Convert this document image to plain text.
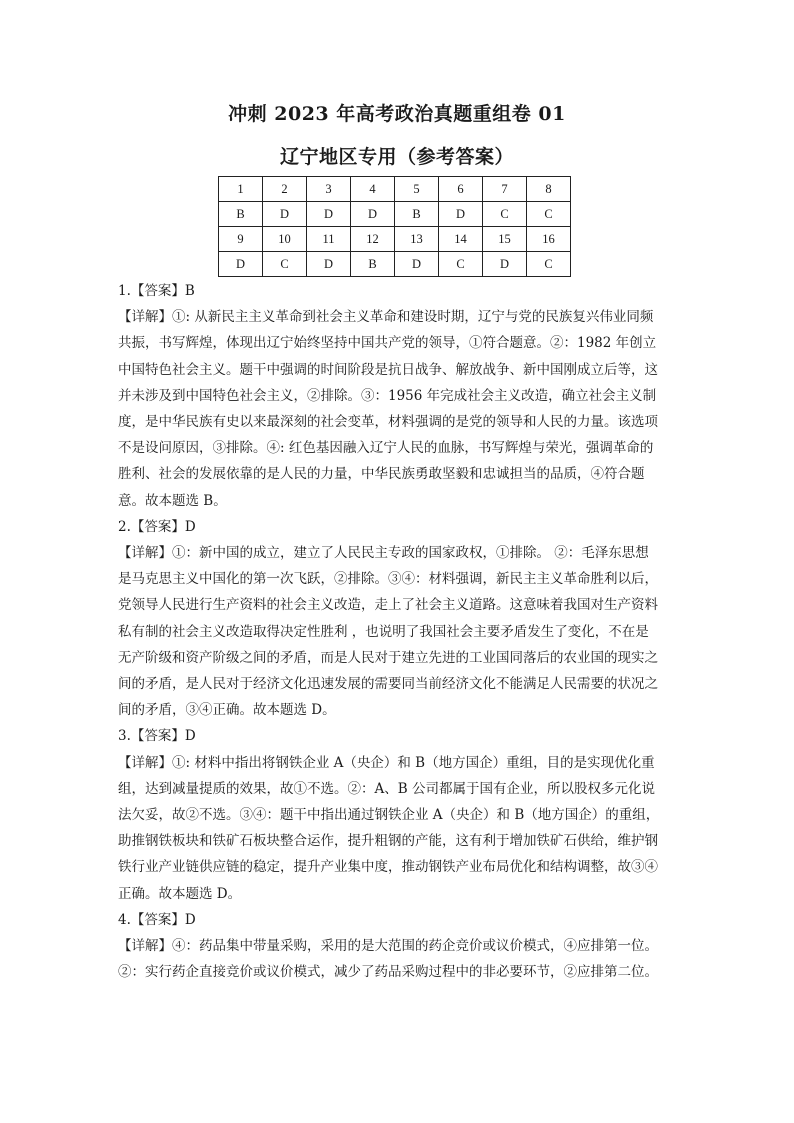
冲刺 2023 年高考政治真题重组卷 01
辽宁地区专用（参考答案）
1	2	3	4	5	6	7	8
B	D	D	D	B	D	C	C
9	10	11	12	13	14	15	16
D	C	D	B	D	C	D	C
1.【答案】B
【详解】①: 从新民主主义革命到社会主义革命和建设时期，辽宁与党的民族复兴伟业同频
共振，书写辉煌，体现出辽宁始终坚持中国共产党的领导，①符合题意。②：1982 年创立
中国特色社会主义。题干中强调的时间阶段是抗日战争、解放战争、新中国刚成立后等，这
并未涉及到中国特色社会主义，②排除。③：1956 年完成社会主义改造，确立社会主义制
度，是中华民族有史以来最深刻的社会变革，材料强调的是党的领导和人民的力量。该选项
不是设问原因，③排除。④: 红色基因融入辽宁人民的血脉，书写辉煌与荣光，强调革命的
胜利、社会的发展依靠的是人民的力量，中华民族勇敢坚毅和忠诚担当的品质，④符合题
意。故本题选 B。
2.【答案】D
【详解】①：新中国的成立，建立了人民民主专政的国家政权，①排除。 ②：毛泽东思想
是马克思主义中国化的第一次飞跃，②排除。③④：材料强调，新民主主义革命胜利以后，
党领导人民进行生产资料的社会主义改造，走上了社会主义道路。这意味着我国对生产资料
私有制的社会主义改造取得决定性胜利 ，也说明了我国社会主要矛盾发生了变化，不在是
无产阶级和资产阶级之间的矛盾，而是人民对于建立先进的工业国同落后的农业国的现实之
间的矛盾，是人民对于经济文化迅速发展的需要同当前经济文化不能满足人民需要的状况之
间的矛盾，③④正确。故本题选 D。
3.【答案】D
【详解】①: 材料中指出将钢铁企业 A（央企）和 B（地方国企）重组，目的是实现优化重
组，达到减量提质的效果，故①不选。②：A、B 公司都属于国有企业，所以股权多元化说
法欠妥，故②不选。③④：题干中指出通过钢铁企业 A（央企）和 B（地方国企）的重组，
助推钢铁板块和铁矿石板块整合运作，提升粗钢的产能，这有利于增加铁矿石供给，维护钢
铁行业产业链供应链的稳定，提升产业集中度，推动钢铁产业布局优化和结构调整，故③④
正确。故本题选 D。
4.【答案】D
【详解】④：药品集中带量采购，采用的是大范围的药企竞价或议价模式，④应排第一位。
②：实行药企直接竞价或议价模式，减少了药品采购过程中的非必要环节，②应排第二位。
